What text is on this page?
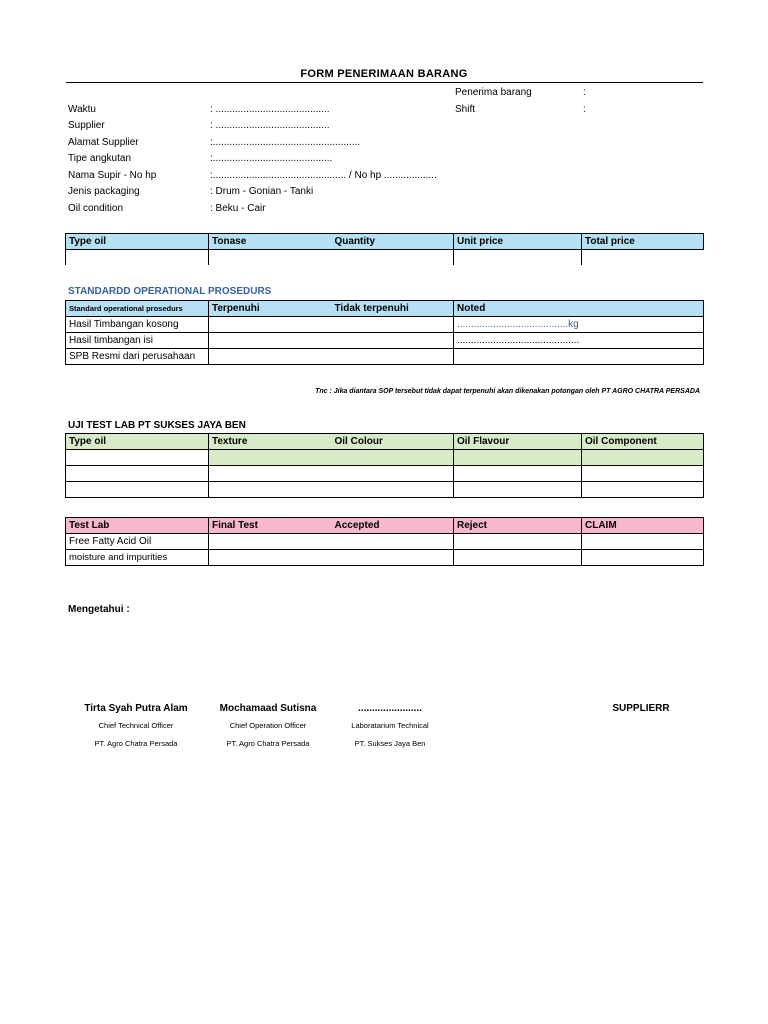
FORM PENERIMAAN BARANG
Penerima barang	:
Shift	:
Waktu	: .........................................
Supplier	: .........................................
Alamat Supplier	:.....................................................
Tipe angkutan	:...........................................
Nama Supir - No hp	:................................................ / No hp ...................
Jenis packaging	: Drum - Gonian - Tanki
Oil condition	: Beku - Cair
Type oil	Tonase	Quantity	Unit price	Total price

STANDARDD OPERATIONAL PROSEDURS
Standard operational prosedurs	Terpenuhi	Tidak terpenuhi	Noted
Hasil Timbangan kosong			........................................kg
Hasil timbangan isi			............................................
SPB Resmi dari perusahaan			
Tnc : Jika diantara SOP tersebut tidak dapat terpenuhi akan dikenakan potongan oleh PT AGRO CHATRA PERSADA
UJI TEST LAB PT SUKSES JAYA BEN
Type oil	Texture	Oil Colour	Oil Flavour	Oil Component

Test Lab	Final Test	Accepted	Reject	CLAIM
Free Fatty Acid Oil				
moisture and impurities				
Mengetahui :
Tirta Syah Putra Alam
Chief Technical Officer
PT. Agro Chatra Persada
Mochamaad Sutisna
Chief Operation Officer
PT. Agro Chatra Persada
.......................
Laboratarium Technical
PT. Sukses Jaya Ben
SUPPLIERR
